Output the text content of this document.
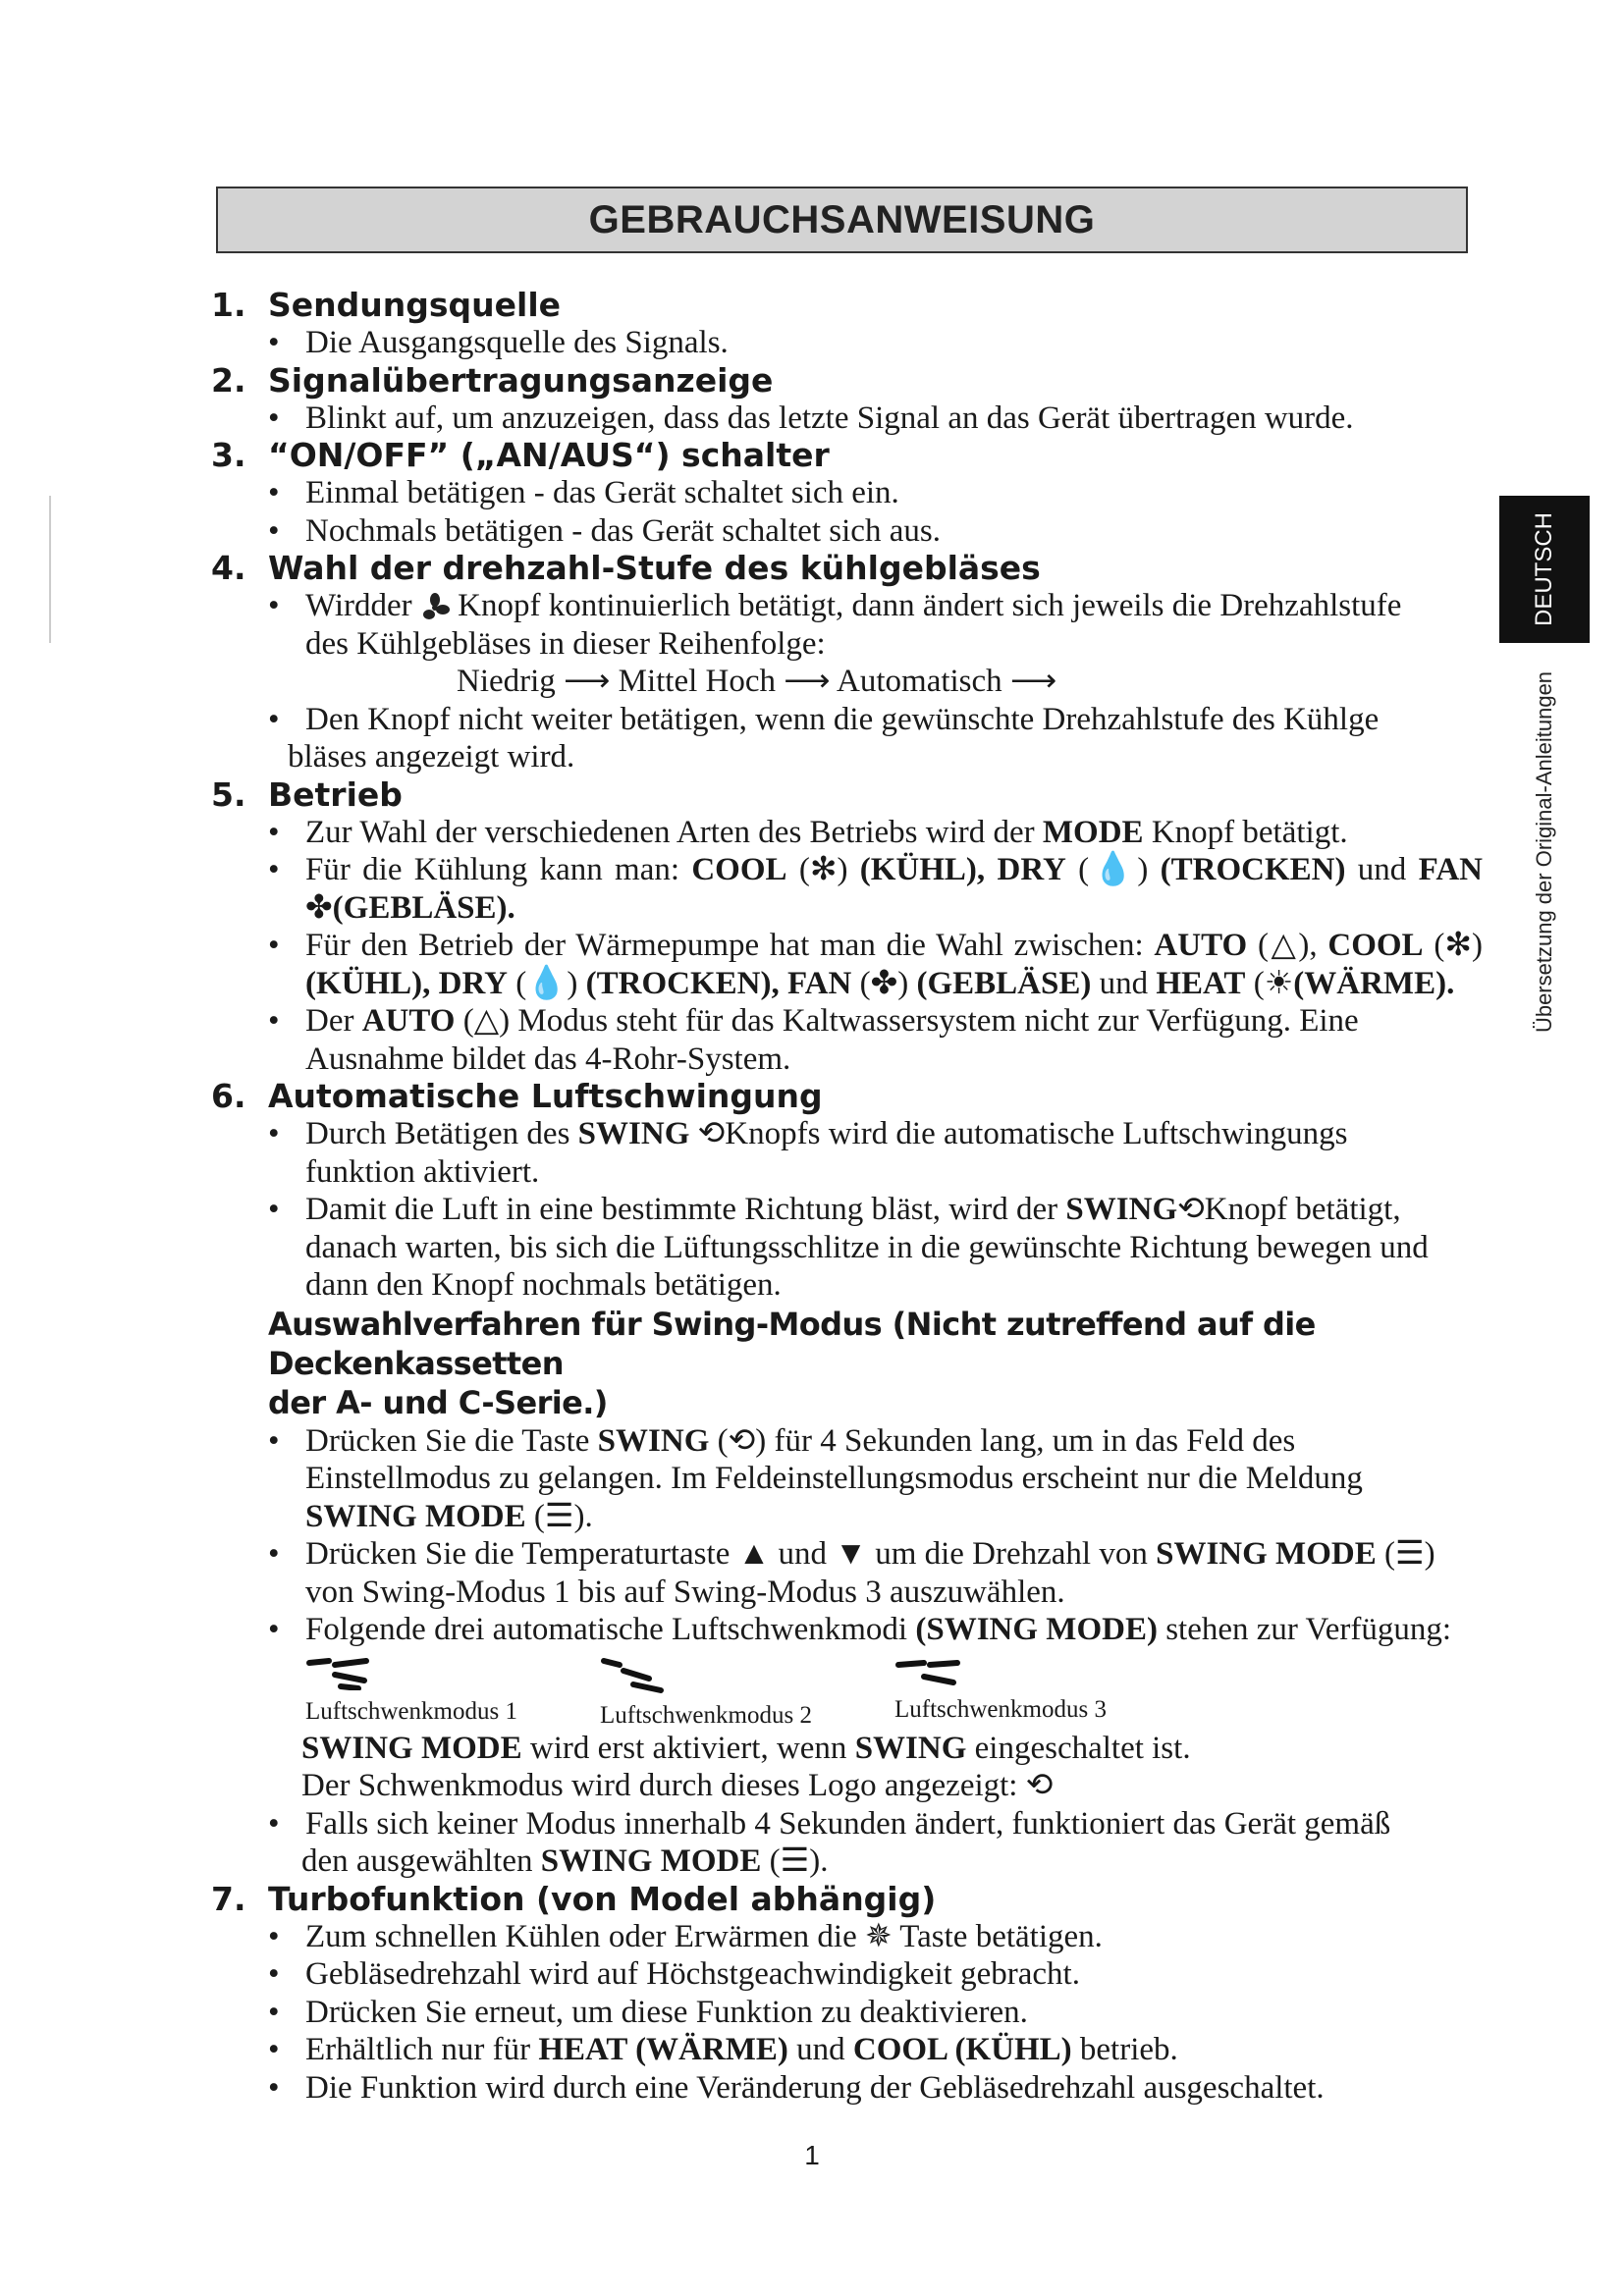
GEBRAUCHSANWEISUNG
DEUTSCH
Übersetzung der Original-Anleitungen
1. Sendungsquelle
• Die Ausgangsquelle des Signals.
2. Signalübertragungsanzeige
• Blinkt auf, um anzuzeigen, dass das letzte Signal an das Gerät übertragen wurde.
3. “ON/OFF” („AN/AUS“) schalter
• Einmal betätigen - das Gerät schaltet sich ein.
• Nochmals betätigen - das Gerät schaltet sich aus.
4. Wahl der drehzahl-Stufe des kühlgebläses
• Wirdder Knopf kontinuierlich betätigt, dann ändert sich jeweils die Drehzahlstufe
des Kühlgebläses in dieser Reihenfolge:
Niedrig ⟶ Mittel Hoch ⟶ Automatisch ⟶
• Den Knopf nicht weiter betätigen, wenn die gewünschte Drehzahlstufe des Kühlge
bläses angezeigt wird.
5. Betrieb
• Zur Wahl der verschiedenen Arten des Betriebs wird der MODE Knopf betätigt.
• Für die Kühlung kann man: COOL (✻) (KÜHL), DRY (💧) (TROCKEN) und FAN ✤(GEBLÄSE).
• Für den Betrieb der Wärmepumpe hat man die Wahl zwischen: AUTO (△), COOL (✻) (KÜHL), DRY (💧) (TROCKEN), FAN (✤) (GEBLÄSE) und HEAT (☀(WÄRME).
• Der AUTO (△) Modus steht für das Kaltwassersystem nicht zur Verfügung. Eine
Ausnahme bildet das 4-Rohr-System.
6. Automatische Luftschwingung
• Durch Betätigen des SWING ⟲Knopfs wird die automatische Luftschwingungs
funktion aktiviert.
• Damit die Luft in eine bestimmte Richtung bläst, wird der SWING⟲Knopf betätigt,
danach warten, bis sich die Lüftungsschlitze in die gewünschte Richtung bewegen und
dann den Knopf nochmals betätigen.
Auswahlverfahren für Swing-Modus (Nicht zutreffend auf die Deckenkassetten
der A- und C-Serie.)
• Drücken Sie die Taste SWING (⟲) für 4 Sekunden lang, um in das Feld des
Einstellmodus zu gelangen. Im Feldeinstellungsmodus erscheint nur die Meldung
SWING MODE (☰).
• Drücken Sie die Temperaturtaste ▲ und ▼ um die Drehzahl von SWING MODE (☰)
von Swing-Modus 1 bis auf Swing-Modus 3 auszuwählen.
• Folgende drei automatische Luftschwenkmodi (SWING MODE) stehen zur Verfügung:
Luftschwenkmodus 1	Luftschwenkmodus 2	Luftschwenkmodus 3
SWING MODE wird erst aktiviert, wenn SWING eingeschaltet ist.
Der Schwenkmodus wird durch dieses Logo angezeigt: ⟲
• Falls sich keiner Modus innerhalb 4 Sekunden ändert, funktioniert das Gerät gemäß
den ausgewählten SWING MODE (☰).
7. Turbofunktion (von Model abhängig)
• Zum schnellen Kühlen oder Erwärmen die ✵ Taste betätigen.
• Gebläsedrehzahl wird auf Höchstgeachwindigkeit gebracht.
• Drücken Sie erneut, um diese Funktion zu deaktivieren.
• Erhältlich nur für HEAT (WÄRME) und COOL (KÜHL) betrieb.
• Die Funktion wird durch eine Veränderung der Gebläsedrehzahl ausgeschaltet.
1
